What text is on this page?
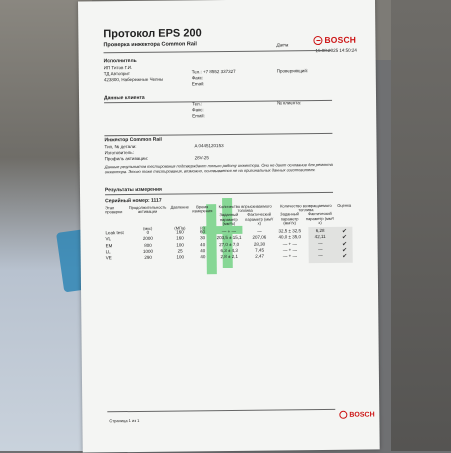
Протокол EPS 200
Проверка инжектора Common Rail	Дата
16.08.2025 14:50:24
BOSCH
Исполнитель
ИП Титов Г.И.
ТД Автоприт
423800, Набережные Челны
Тел.: +7 8552 337327
Факс:
Email:
Проверяющий:
Данные клиента
Тел.:
Факс:
Email:
№ клиента:
Инжектор Common Rail
Тип, № детали:	A 0445120153
Изготовитель:
Профиль активации:	28V-25
Данные результатов тестирования подтверждают только работу инжектора. Они не дают основание для ремонта инжектора. Этого тоже тестирования, возможно, основывается не на оригинальных данных изготовителя.
Результаты измерения
Серийный номер: 1117
Этап проверки	Продолжительность активации	Давление	Время измерения	Количество впрыскиваемого топлива		Количество возвращаемого топлива		Оценка
				Заданный параметр (мм³/х)	Фактический параметр (мм³/х)	Заданный параметр (мм³/х)	Фактический параметр (мм³/х)	
	(мкс)	(МПа)	(с)					
Leak test	0	160	60	— + —	—	32,5 ± 32,5	6,28	✔
VL	2000	160	30	203,5 ± 15,1	207,06	40,0 ± 35,0	42,11	✔
EM	800	100	40	27,0 ± 7,0	28,30	— + —	—	✔
LL	1000	25	40	6,3 ± 4,3	7,45	— + —	—	✔
VE	290	100	40	2,8 ± 2,1	2,47	— + —	—	✔
Страница 1 из 1
BOSCH
